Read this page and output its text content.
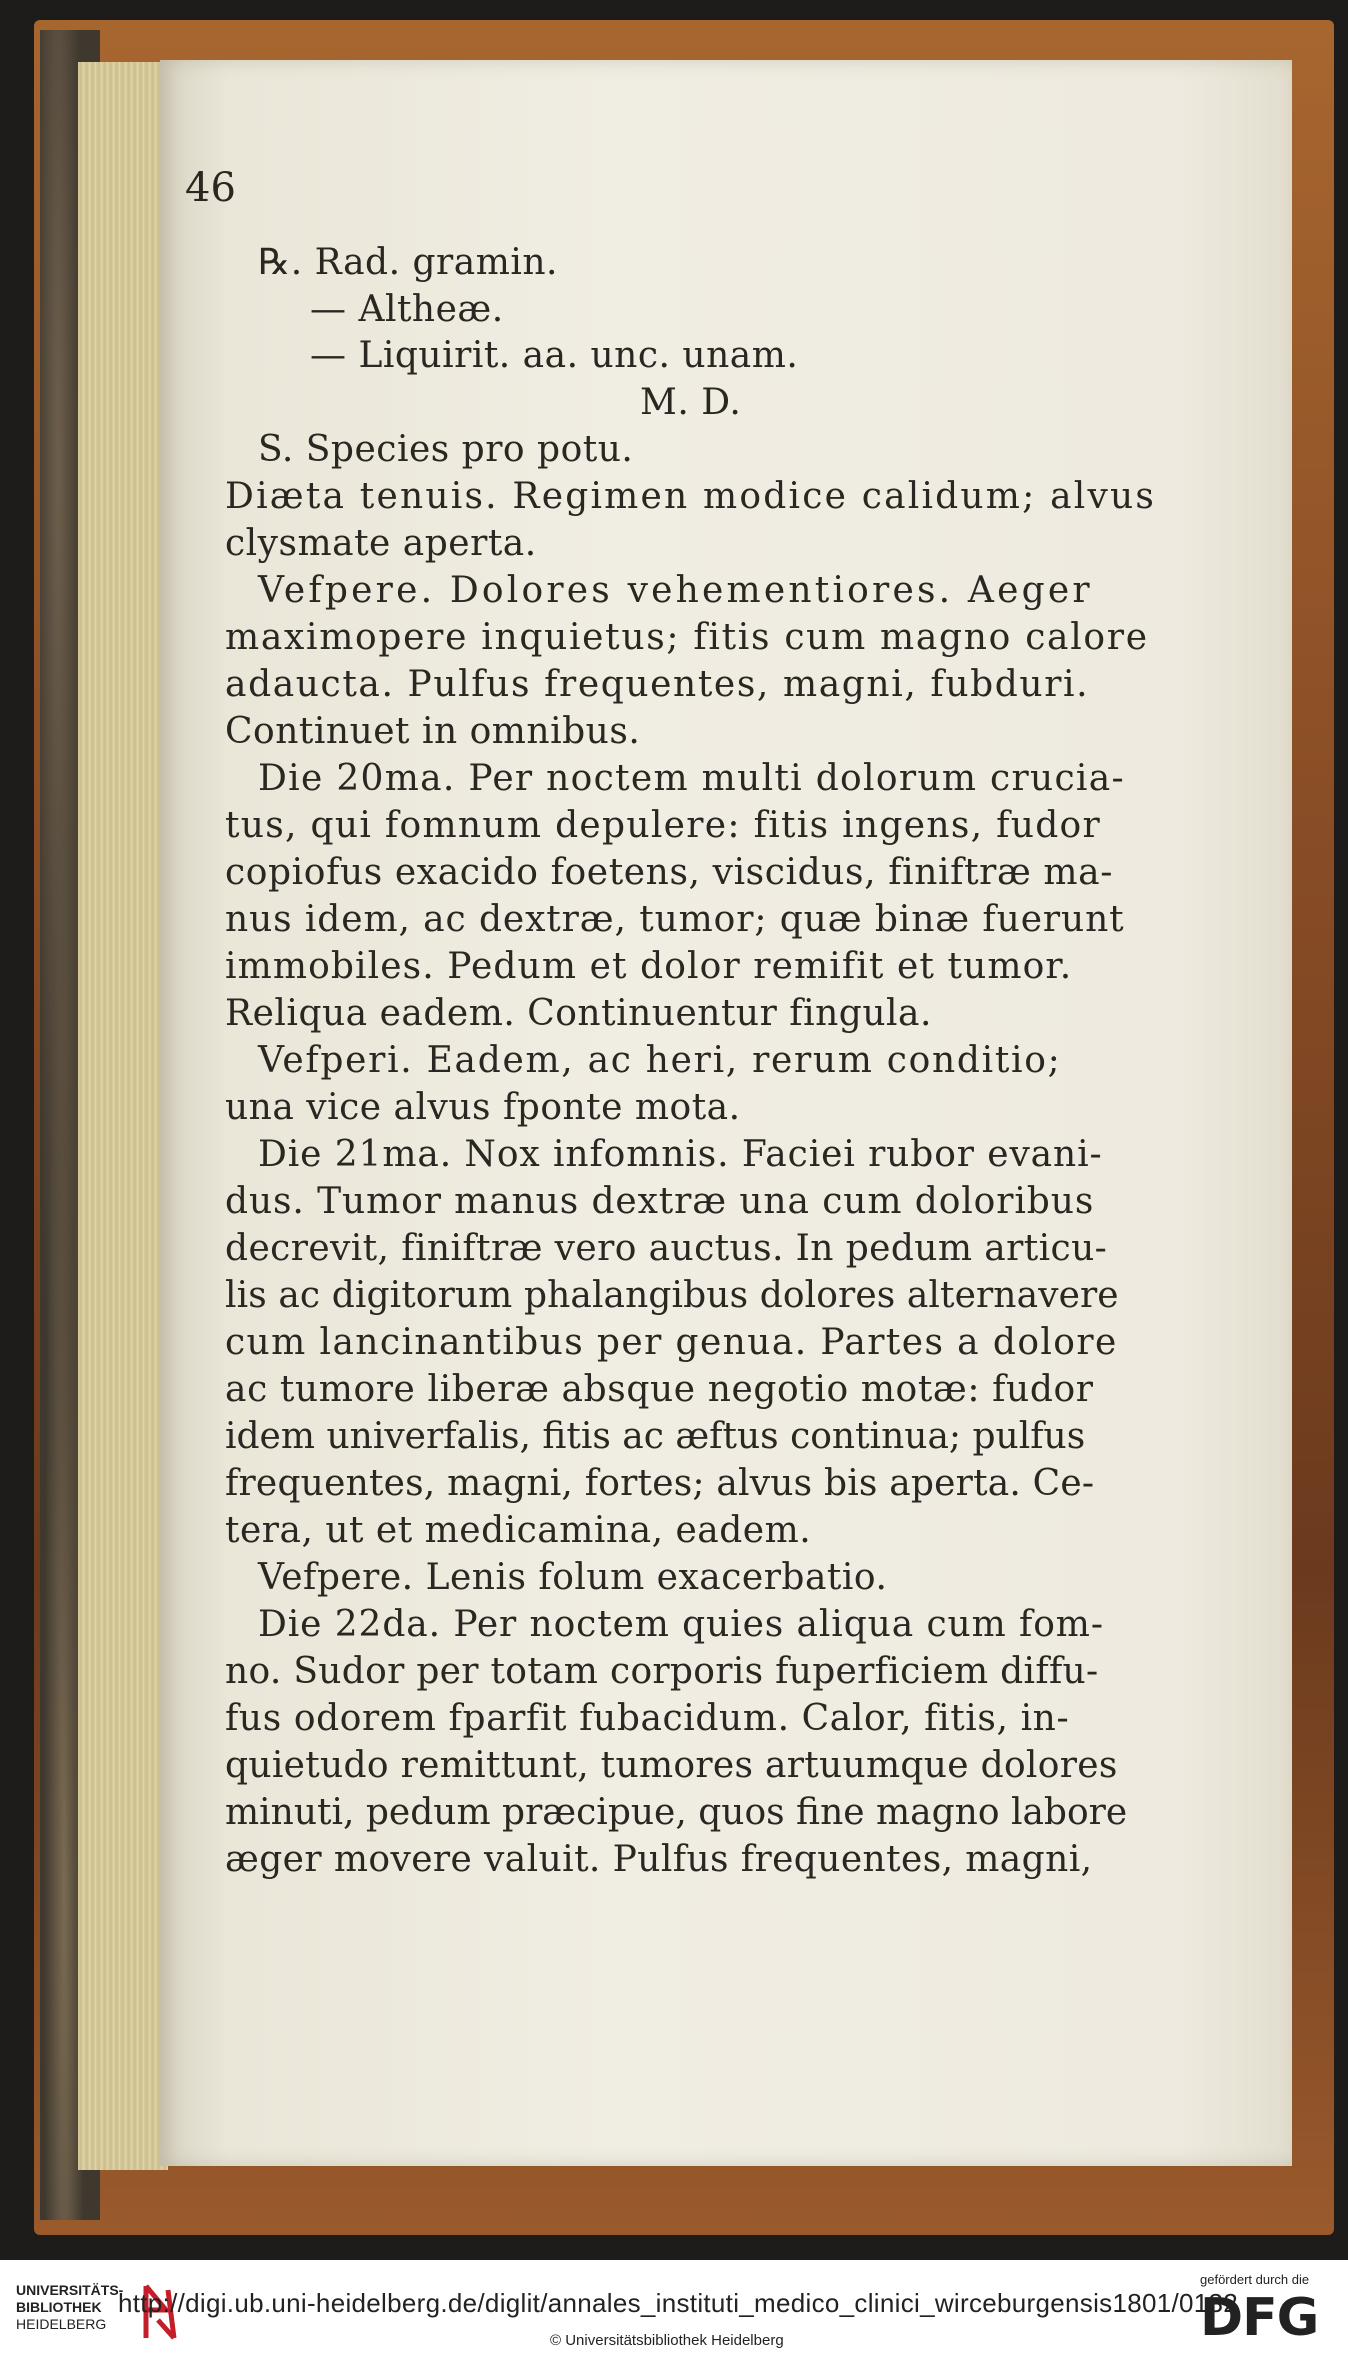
46
℞. Rad. gramin.
— Altheæ.
— Liquirit. aa. unc. unam.
M. D.
S. Species pro potu.
Diæta tenuis. Regimen modice calidum; alvus
clysmate aperta.
Vefpere. Dolores vehementiores. Aeger
maximopere inquietus; fitis cum magno calore
adaucta. Pulfus frequentes, magni, fubduri.
Continuet in omnibus.
Die 20ma. Per noctem multi dolorum crucia-
tus, qui fomnum depulere: fitis ingens, fudor
copiofus exacido foetens, viscidus, finiftræ ma-
nus idem, ac dextræ, tumor; quæ binæ fuerunt
immobiles. Pedum et dolor remifit et tumor.
Reliqua eadem. Continuentur fingula.
Vefperi. Eadem, ac heri, rerum conditio;
una vice alvus fponte mota.
Die 21ma. Nox infomnis. Faciei rubor evani-
dus. Tumor manus dextræ una cum doloribus
decrevit, finiftræ vero auctus. In pedum articu-
lis ac digitorum phalangibus dolores alternavere
cum lancinantibus per genua. Partes a dolore
ac tumore liberæ absque negotio motæ: fudor
idem univerfalis, fitis ac æftus continua; pulfus
frequentes, magni, fortes; alvus bis aperta. Ce-
tera, ut et medicamina, eadem.
Vefpere. Lenis folum exacerbatio.
Die 22da. Per noctem quies aliqua cum fom-
no. Sudor per totam corporis fuperficiem diffu-
fus odorem fparfit fubacidum. Calor, fitis, in-
quietudo remittunt, tumores artuumque dolores
minuti, pedum præcipue, quos fine magno labore
æger movere valuit. Pulfus frequentes, magni,
UNIVERSITÄTS-
BIBLIOTHEK
HEIDELBERG
http://digi.ub.uni-heidelberg.de/diglit/annales_instituti_medico_clinici_wirceburgensis1801/0132
© Universitätsbibliothek Heidelberg
gefördert durch die
DFG
